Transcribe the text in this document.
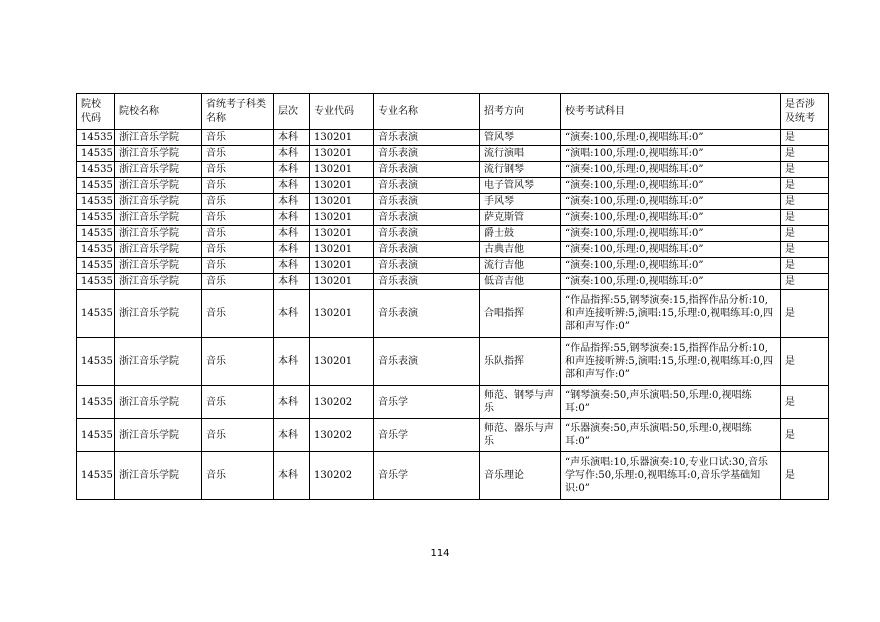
院校代码	院校名称	省统考子科类名称	层次	专业代码	专业名称	招考方向	校考考试科目	是否涉及统考
14535	浙江音乐学院	音乐	本科	130201	音乐表演	管风琴	“演奏:100,乐理:0,视唱练耳:0”	是
14535	浙江音乐学院	音乐	本科	130201	音乐表演	流行演唱	“演唱:100,乐理:0,视唱练耳:0”	是
14535	浙江音乐学院	音乐	本科	130201	音乐表演	流行钢琴	“演奏:100,乐理:0,视唱练耳:0”	是
14535	浙江音乐学院	音乐	本科	130201	音乐表演	电子管风琴	“演奏:100,乐理:0,视唱练耳:0”	是
14535	浙江音乐学院	音乐	本科	130201	音乐表演	手风琴	“演奏:100,乐理:0,视唱练耳:0”	是
14535	浙江音乐学院	音乐	本科	130201	音乐表演	萨克斯管	“演奏:100,乐理:0,视唱练耳:0”	是
14535	浙江音乐学院	音乐	本科	130201	音乐表演	爵士鼓	“演奏:100,乐理:0,视唱练耳:0”	是
14535	浙江音乐学院	音乐	本科	130201	音乐表演	古典吉他	“演奏:100,乐理:0,视唱练耳:0”	是
14535	浙江音乐学院	音乐	本科	130201	音乐表演	流行吉他	“演奏:100,乐理:0,视唱练耳:0”	是
14535	浙江音乐学院	音乐	本科	130201	音乐表演	低音吉他	“演奏:100,乐理:0,视唱练耳:0”	是
14535	浙江音乐学院	音乐	本科	130201	音乐表演	合唱指挥	“作品指挥:55,钢琴演奏:15,指挥作品分析:10,和声连接听辨:5,演唱:15,乐理:0,视唱练耳:0,四部和声写作:0”	是
14535	浙江音乐学院	音乐	本科	130201	音乐表演	乐队指挥	“作品指挥:55,钢琴演奏:15,指挥作品分析:10,和声连接听辨:5,演唱:15,乐理:0,视唱练耳:0,四部和声写作:0”	是
14535	浙江音乐学院	音乐	本科	130202	音乐学	师范、钢琴与声乐	“钢琴演奏:50,声乐演唱:50,乐理:0,视唱练耳:0”	是
14535	浙江音乐学院	音乐	本科	130202	音乐学	师范、器乐与声乐	“乐器演奏:50,声乐演唱:50,乐理:0,视唱练耳:0”	是
14535	浙江音乐学院	音乐	本科	130202	音乐学	音乐理论	“声乐演唱:10,乐器演奏:10,专业口试:30,音乐学写作:50,乐理:0,视唱练耳:0,音乐学基础知识:0”	是
114
